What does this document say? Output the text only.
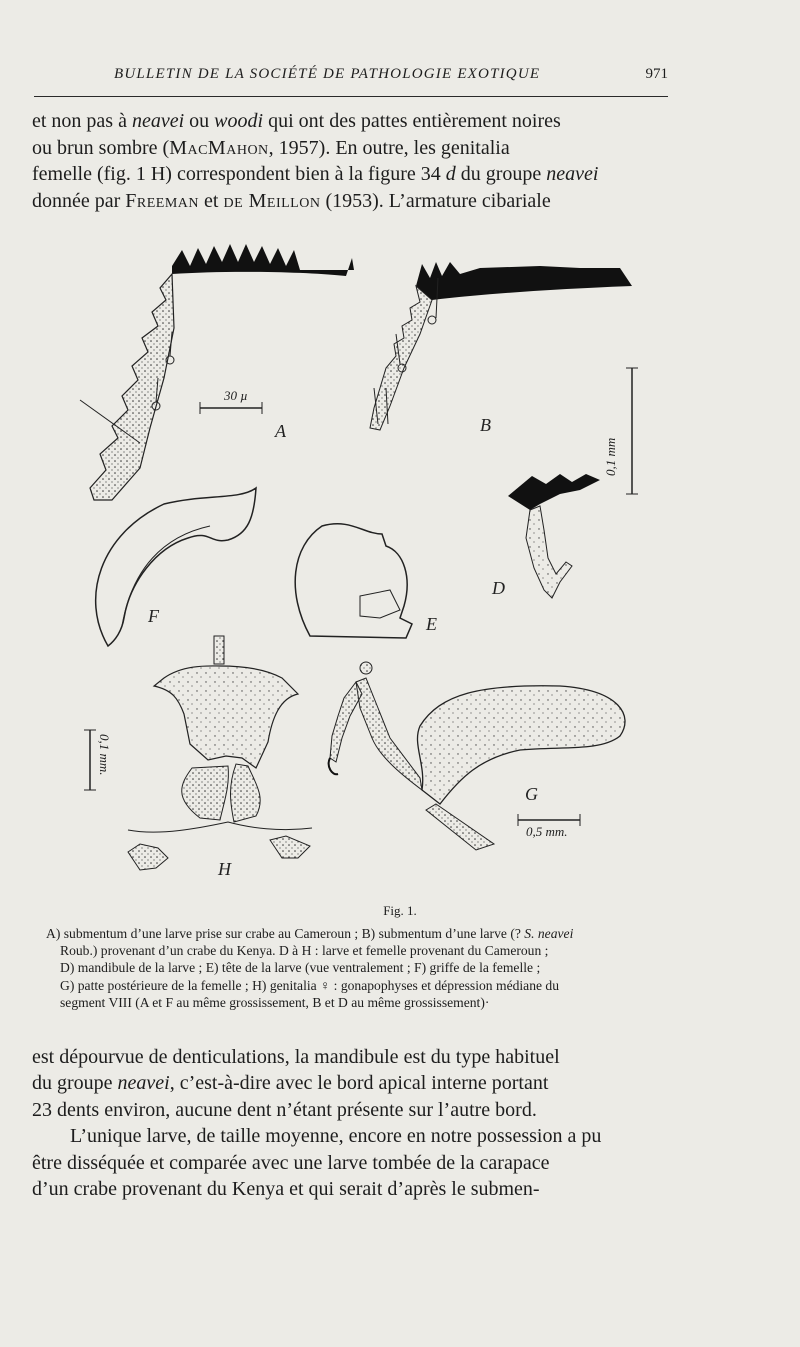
BULLETIN DE LA SOCIÉTÉ DE PATHOLOGIE EXOTIQUE	971

et non pas à neavei ou woodi qui ont des pattes entièrement noires
ou brun sombre (MacMahon, 1957). En outre, les genitalia
femelle (fig. 1 H) correspondent bien à la figure 34 d du groupe neavei
donnée par Freeman et de Meillon (1953). L’armature cibariale

30 µ
A	B
0,1 mm
D
F	E
H
0,1 mm.
G
0,5 mm.
Fig. 1.

A) submentum d’une larve prise sur crabe au Cameroun ; B) submentum d’une larve (? S. neavei
Roub.) provenant d’un crabe du Kenya. D à H : larve et femelle provenant du Cameroun ;
D) mandibule de la larve ; E) tête de la larve (vue ventralement ; F) griffe de la femelle ;
G) patte postérieure de la femelle ; H) genitalia ♀ : gonapophyses et dépression médiane du
segment VIII (A et F au même grossissement, B et D au même grossissement)·

est dépourvue de denticulations, la mandibule est du type habituel
du groupe neavei, c’est-à-dire avec le bord apical interne portant
23 dents environ, aucune dent n’étant présente sur l’autre bord.
L’unique larve, de taille moyenne, encore en notre possession a pu
être disséquée et comparée avec une larve tombée de la carapace
d’un crabe provenant du Kenya et qui serait d’après le submen-
